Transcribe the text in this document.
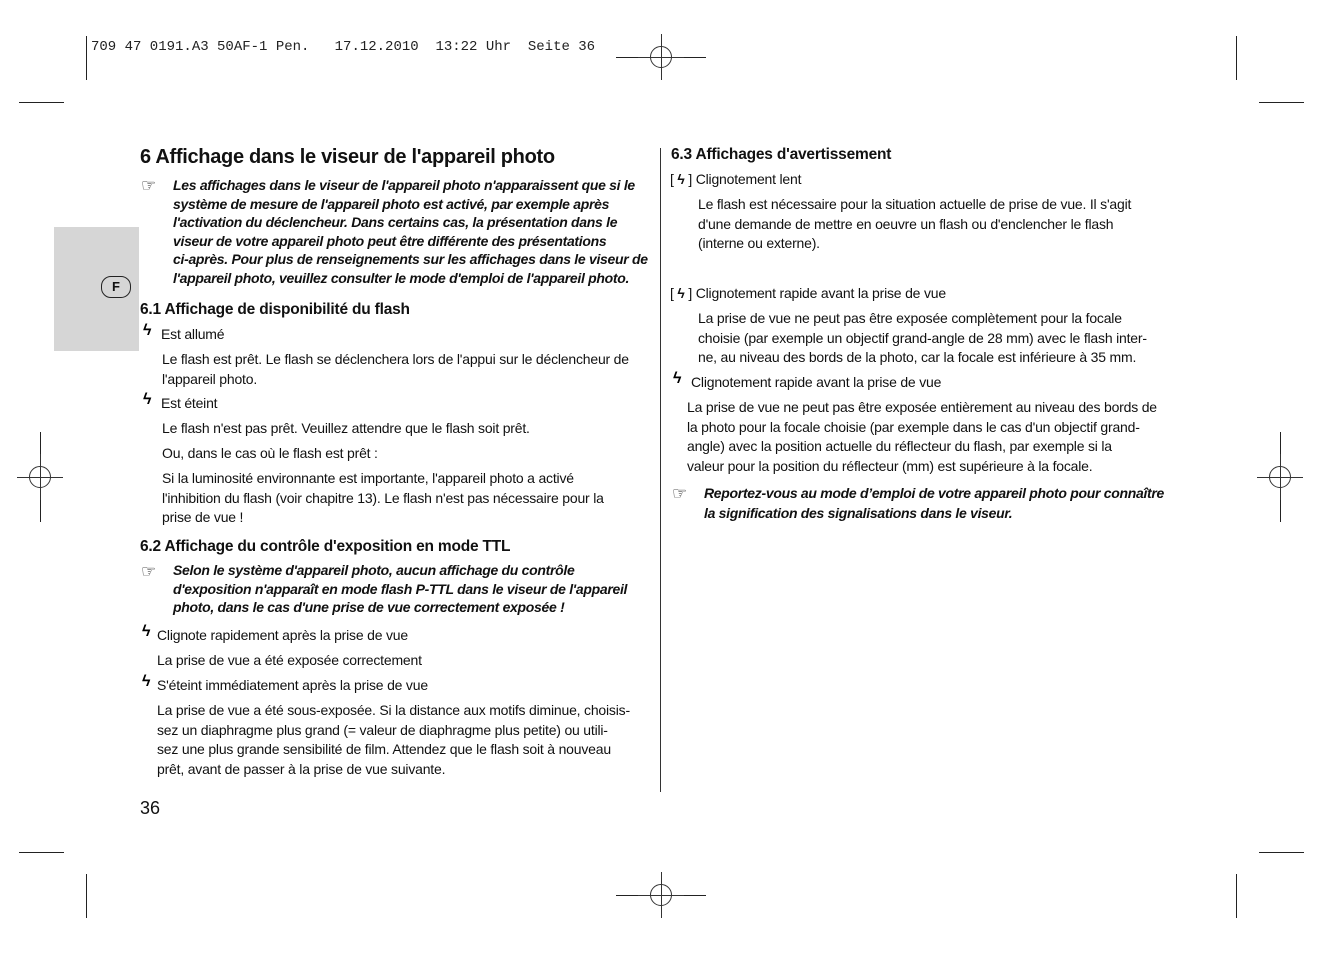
709 47 0191.A3 50AF-1 Pen.   17.12.2010  13:22 Uhr  Seite 36
F
6 Affichage dans le viseur de l'appareil photo
☞ Les affichages dans le viseur de l'appareil photo n'apparaissent que si le
système de mesure de l'appareil photo est activé, par exemple après
l'activation du déclencheur. Dans certains cas, la présentation dans le
viseur de votre appareil photo peut être différente des présentations
ci-après. Pour plus de renseignements sur les affichages dans le viseur de
l'appareil photo, veuillez consulter le mode d'emploi de l'appareil photo.
6.1 Affichage de disponibilité du flash
ϟ Est allumé
Le flash est prêt. Le flash se déclenchera lors de l'appui sur le déclencheur de
l'appareil photo.
ϟ Est éteint
Le flash n'est pas prêt. Veuillez attendre que le flash soit prêt.
Ou, dans le cas où le flash est prêt :
Si la luminosité environnante est importante, l'appareil photo a activé
l'inhibition du flash (voir chapitre 13). Le flash n'est pas nécessaire pour la
prise de vue !
6.2 Affichage du contrôle d'exposition en mode TTL
☞ Selon le système d'appareil photo, aucun affichage du contrôle
d'exposition n'apparaît en mode flash P-TTL dans le viseur de l'appareil
photo, dans le cas d'une prise de vue correctement exposée !
ϟ Clignote rapidement après la prise de vue
La prise de vue a été exposée correctement
ϟ S'éteint immédiatement après la prise de vue
La prise de vue a été sous-exposée. Si la distance aux motifs diminue, choisis-
sez un diaphragme plus grand (= valeur de diaphragme plus petite) ou utili-
sez une plus grande sensibilité de film. Attendez que le flash soit à nouveau
prêt, avant de passer à la prise de vue suivante.
36
6.3 Affichages d'avertissement
[ ϟ ] Clignotement lent
Le flash est nécessaire pour la situation actuelle de prise de vue. Il s'agit
d'une demande de mettre en oeuvre un flash ou d'enclencher le flash
(interne ou externe).
[ ϟ ] Clignotement rapide avant la prise de vue
La prise de vue ne peut pas être exposée complètement pour la focale
choisie (par exemple un objectif grand-angle de 28 mm) avec le flash inter-
ne, au niveau des bords de la photo, car la focale est inférieure à 35 mm.
ϟ Clignotement rapide avant la prise de vue
La prise de vue ne peut pas être exposée entièrement au niveau des bords de
la photo pour la focale choisie (par exemple dans le cas d'un objectif grand-
angle) avec la position actuelle du réflecteur du flash, par exemple si la
valeur pour la position du réflecteur (mm) est supérieure à la focale.
☞ Reportez-vous au mode d’emploi de votre appareil photo pour connaître
la signification des signalisations dans le viseur.
